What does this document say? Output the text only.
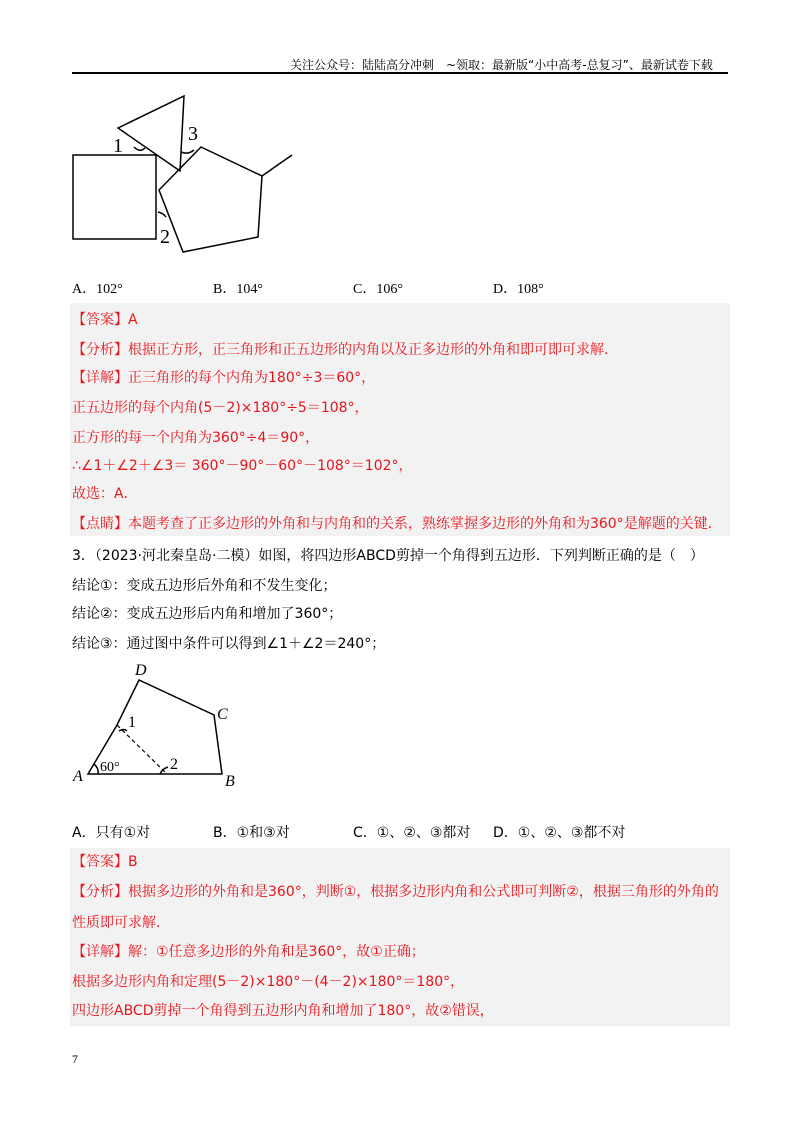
关注公众号：陆陆高分冲刺　~领取：最新版“小中高考-总复习”、最新试卷下载
1
3
2
A．102°	B．104°	C．106°	D．108°
【答案】A
【分析】根据正方形，正三角形和正五边形的内角以及正多边形的外角和即可即可求解．
【详解】正三角形的每个内角为180°÷3＝60°，
正五边形的每个内角(5－2)×180°÷5＝108°，
正方形的每一个内角为360°÷4＝90°，
∴∠1＋∠2＋∠3＝ 360°－90°－60°－108°＝102°，
故选：A．
【点睛】本题考查了正多边形的外角和与内角和的关系，熟练掌握多边形的外角和为360°是解题的关键．
3．（2023·河北秦皇岛·二模）如图，将四边形ABCD剪掉一个角得到五边形．下列判断正确的是（　）
结论①：变成五边形后外角和不发生变化；
结论②：变成五边形后内角和增加了360°；
结论③：通过图中条件可以得到∠1＋∠2＝240°；
D
C
A	B
1
2
60°
A．只有①对	B．①和③对	C．①、②、③都对 D．①、②、③都不对
【答案】B
【分析】根据多边形的外角和是360°，判断①，根据多边形内角和公式即可判断②，根据三角形的外角的
性质即可求解．
【详解】解：①任意多边形的外角和是360°，故①正确；
根据多边形内角和定理(5－2)×180°－(4－2)×180°＝180°，
四边形ABCD剪掉一个角得到五边形内角和增加了180°，故②错误，
7
